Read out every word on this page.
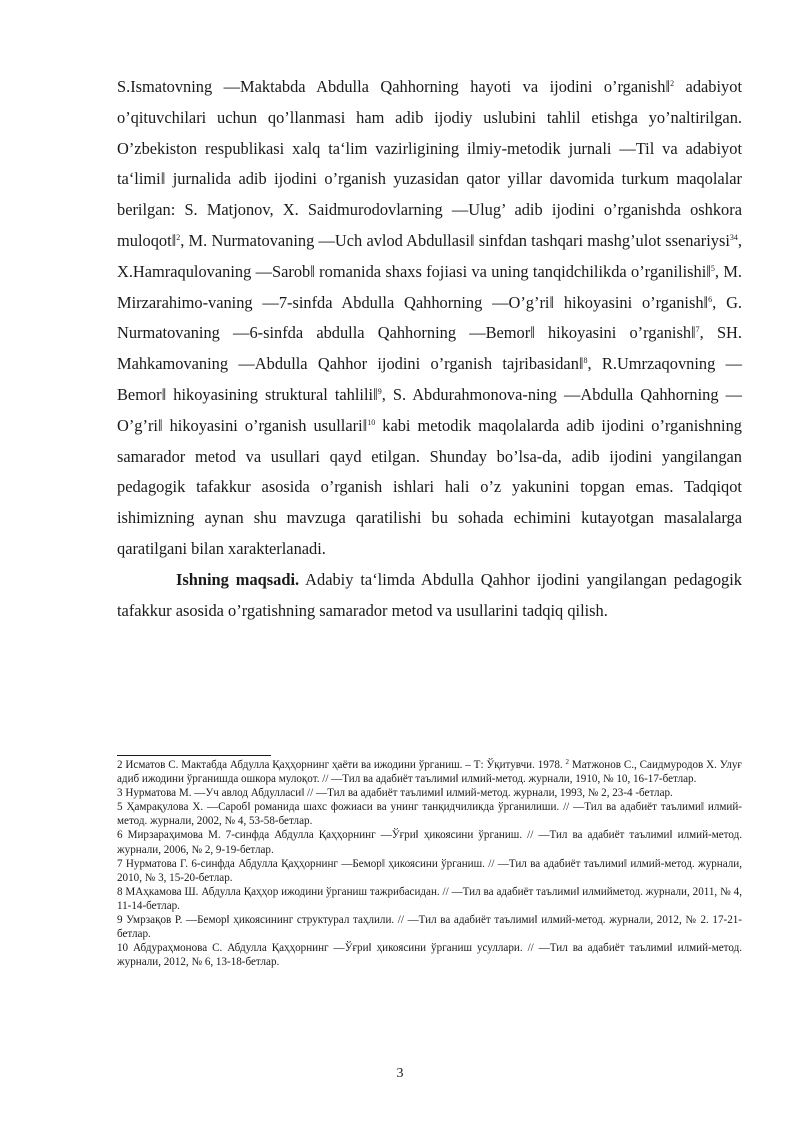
S.Ismatovning —Maktabda Abdulla Qahhorning hayoti va ijodini o’rganish‖$^2$ adabiyot o’qituvchilari uchun qo’llanmasi ham adib ijodiy uslubini tahlil etishga yo’naltirilgan. O’zbekiston respublikasi xalq ta‘lim vazirligining ilmiy-metodik jurnali —Til va adabiyot ta‘limi‖ jurnalida adib ijodini o’rganish yuzasidan qator yillar davomida turkum maqolalar berilgan: S. Matjonov, X. Saidmurodovlarning —Ulug’ adib ijodini o’rganishda oshkora muloqot‖$^2$, M. Nurmatovaning —Uch avlod Abdullasi‖ sinfdan tashqari mashg’ulot ssenariysi$^{34}$, X.Hamraqulovaning —Sarob‖ romanida shaxs fojiasi va uning tanqidchilikda o’rganilishi‖$^5$, M. Mirzarahimo-vaning —7-sinfda Abdulla Qahhorning —O’g’ri‖ hikoyasini o’rganish‖$^6$, G. Nurmatovaning —6-sinfda abdulla Qahhorning —Bemor‖ hikoyasini o’rganish‖$^7$, SH. Mahkamovaning —Abdulla Qahhor ijodini o’rganish tajribasidan‖$^8$, R.Umrzaqovning —Bemor‖ hikoyasining struktural tahlili‖$^9$, S. Abdurahmonova-ning —Abdulla Qahhorning —O’g’ri‖ hikoyasini o’rganish usullari‖$^{10}$ kabi metodik maqolalarda adib ijodini o’rganishning samarador metod va usullari qayd etilgan. Shunday bo’lsa-da, adib ijodini yangilangan pedagogik tafakkur asosida o’rganish ishlari hali o’z yakunini topgan emas. Tadqiqot ishimizning aynan shu mavzuga qaratilishi bu sohada echimini kutayotgan masalalarga qaratilgani bilan xarakterlanadi.

Ishning maqsadi. Adabiy ta‘limda Abdulla Qahhor ijodini yangilangan pedagogik tafakkur asosida o’rgatishning samarador metod va usullarini tadqiq qilish.

2 Исматов С. Мактабда Абдулла Қаҳҳорнинг ҳаёти ва ижодини ўрганиш. – Т: Ўқитувчи. 1978. $^2$ Матжонов С., Саидмуродов Х. Улуғ адиб ижодини ўрганишда ошкора мулоқот. // —Тил ва адабиёт таълими‖ илмий-метод. журнали, 1910, № 10, 16-17-бетлар.

3 Нурматова М. —Уч авлод Абдулласи‖ // —Тил ва адабиёт таълими‖ илмий-метод. журнали, 1993, № 2, 23-4 -бетлар.

5 Ҳамрақулова Х. —Сароб‖ романида шахс фожиаси ва унинг танқидчиликда ўрганилиши. // —Тил ва адабиёт таълими‖ илмий-метод. журнали, 2002, № 4, 53-58-бетлар.

6 Мирзараҳимова М. 7-синфда Абдулла Қаҳҳорнинг —Ўғри‖ ҳикоясини ўрганиш. // —Тил ва адабиёт таълими‖ илмий-метод. журнали, 2006, № 2, 9-19-бетлар.

7 Нурматова Г. 6-синфда Абдулла Қаҳҳорнинг —Бемор‖ ҳикоясини ўрганиш. // —Тил ва адабиёт таълими‖ илмий-метод. журнали, 2010, № 3, 15-20-бетлар.

8 МАҳкамова Ш. Абдулла Қаҳҳор ижодини ўрганиш тажрибасидан. // —Тил ва адабиёт таълими‖ илмийметод. журнали, 2011, № 4, 11-14-бетлар.

9 Умрзақов Р. —Бемор‖ ҳикоясининг структурал таҳлили. // —Тил ва адабиёт таълими‖ илмий-метод. журнали, 2012, № 2. 17-21-бетлар.

10 Абдураҳмонова С. Абдулла Қаҳҳорнинг —Ўғри‖ ҳикоясини ўрганиш усуллари. // —Тил ва адабиёт таълими‖ илмий-метод. журнали, 2012, № 6, 13-18-бетлар.

3
